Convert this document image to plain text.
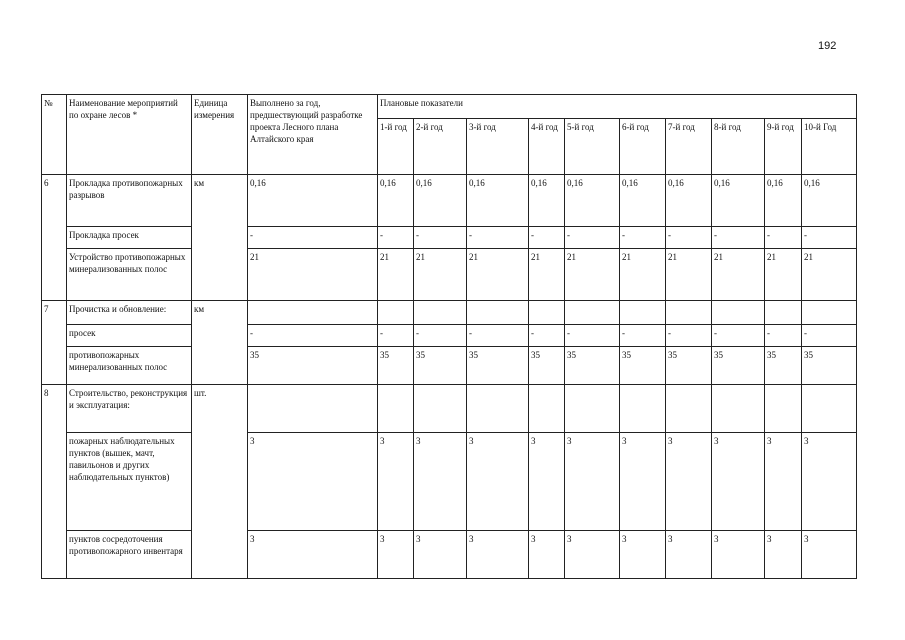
192
№	Наименование мероприятий по охране лесов *	Единица измерения	Выполнено за год, предшествующий разработке проекта Лесного плана Алтайского края	Плановые показатели									
				1-й год	2-й год	3-й год	4-й год	5-й год	6-й год	7-й год	8-й год	9-й год	10-й Год
6	Прокладка противопожарных разрывов	км	0,16	0,16	0,16	0,16	0,16	0,16	0,16	0,16	0,16	0,16	0,16
	Прокладка просек		-	-	-	-	-	-	-	-	-	-	-
	Устройство противопожарных минерализованных полос		21	21	21	21	21	21	21	21	21	21	21
7	Прочистка и обновление:	км											
	просек		-	-	-	-	-	-	-	-	-	-	-
	противопожарных минерализованных полос		35	35	35	35	35	35	35	35	35	35	35
8	Строительство, реконструкция и эксплуатация:	шт.											
	пожарных наблюдательных пунктов (вышек, мачт, павильонов и других наблюдательных пунктов)		3	3	3	3	3	3	3	3	3	3	3
	пунктов сосредоточения противопожарного инвентаря		3	3	3	3	3	3	3	3	3	3	3
